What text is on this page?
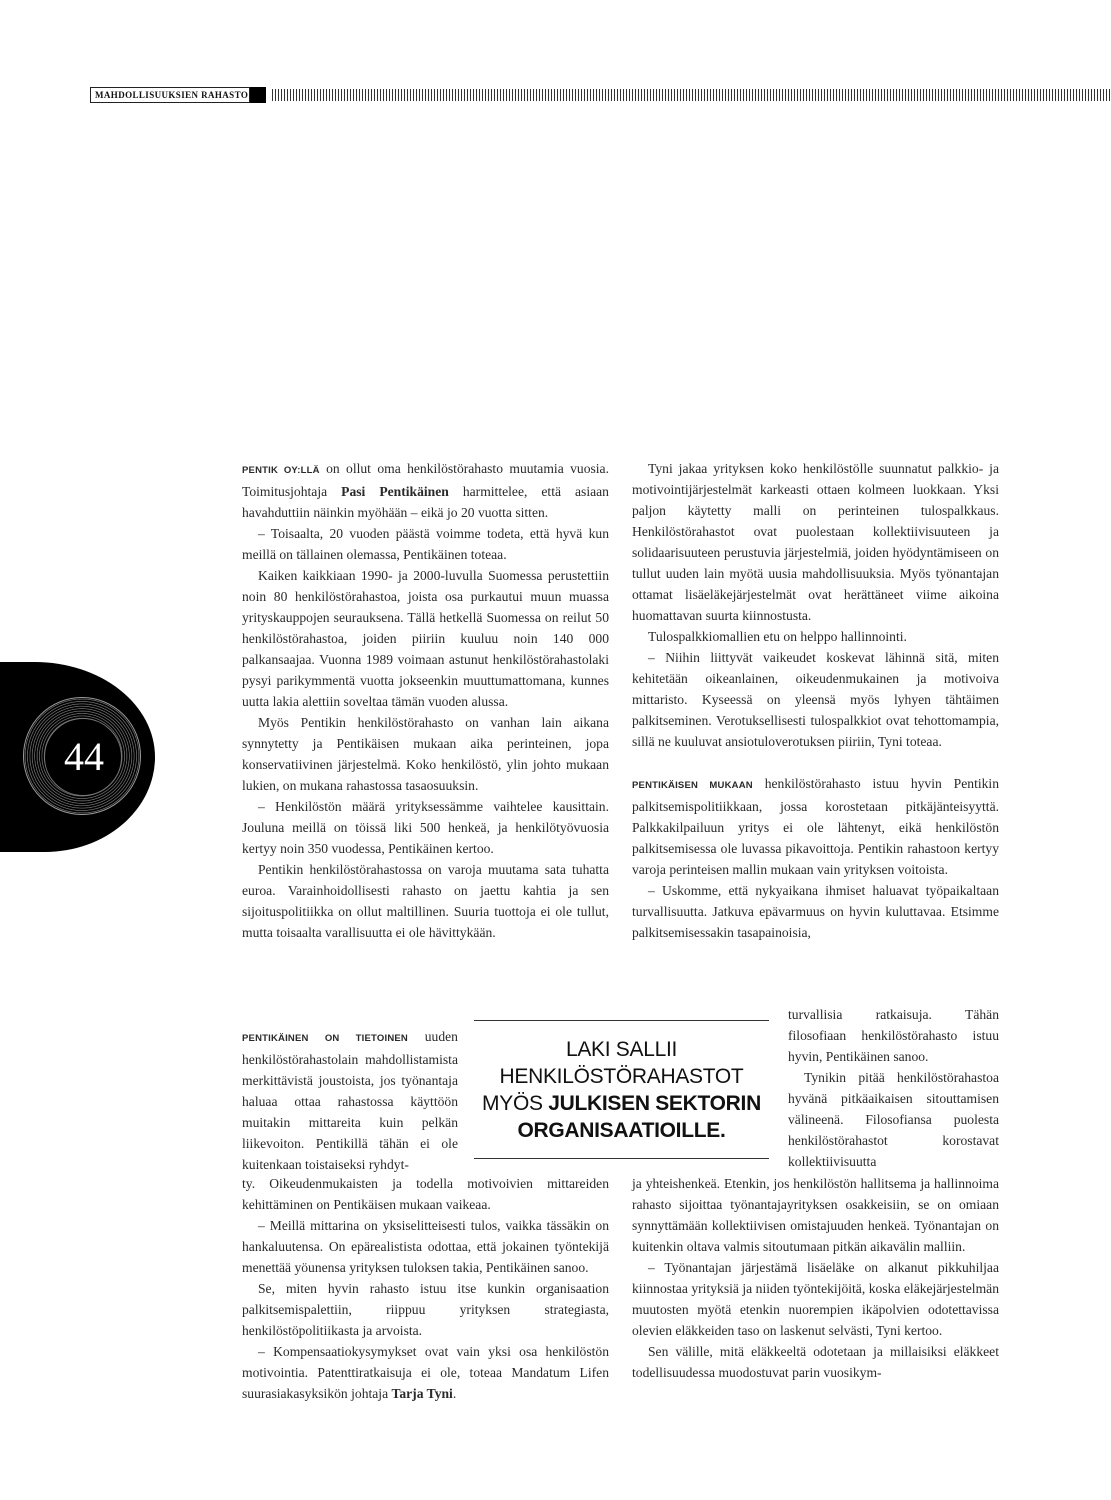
MAHDOLLISUUKSIEN RAHASTO
44

PENTIK OY:LLÄ on ollut oma henkilöstörahasto muutamia vuosia. Toimitusjohtaja Pasi Pentikäinen harmittelee, että asiaan havahduttiin näinkin myöhään – eikä jo 20 vuotta sitten.

– Toisaalta, 20 vuoden päästä voimme todeta, että hyvä kun meillä on tällainen olemassa, Pentikäinen toteaa.

Kaiken kaikkiaan 1990- ja 2000-luvulla Suomessa perustettiin noin 80 henkilöstörahastoa, joista osa purkautui muun muassa yrityskauppojen seurauksena. Tällä hetkellä Suomessa on reilut 50 henkilöstörahastoa, joiden piiriin kuuluu noin 140 000 palkansaajaa. Vuonna 1989 voimaan astunut henkilöstörahastolaki pysyi parikymmentä vuotta jokseenkin muuttumattomana, kunnes uutta lakia alettiin soveltaa tämän vuoden alussa.

Myös Pentikin henkilöstörahasto on vanhan lain aikana synnytetty ja Pentikäisen mukaan aika perinteinen, jopa konservatiivinen järjestelmä. Koko henkilöstö, ylin johto mukaan lukien, on mukana rahastossa tasaosuuksin.

– Henkilöstön määrä yrityksessämme vaihtelee kausittain. Jouluna meillä on töissä liki 500 henkeä, ja henkilötyövuosia kertyy noin 350 vuodessa, Pentikäinen kertoo.

Pentikin henkilöstörahastossa on varoja muutama sata tuhatta euroa. Varainhoidollisesti rahasto on jaettu kahtia ja sen sijoituspolitiikka on ollut maltillinen. Suuria tuottoja ei ole tullut, mutta toisaalta varallisuutta ei ole hävittykään.

PENTIKÄINEN ON TIETOINEN uuden henkilöstörahastolain mahdollistamista merkittävistä joustoista, jos työnantaja haluaa ottaa rahastossa käyttöön muitakin mittareita kuin pelkän liikevoiton. Pentikillä tähän ei ole kuitenkaan toistaiseksi ryhdyt-

LAKI SALLII
HENKILÖSTÖRAHASTOT
MYÖS JULKISEN SEKTORIN
ORGANISAATIOILLE.

ty. Oikeudenmukaisten ja todella motivoivien mittareiden kehittäminen on Pentikäisen mukaan vaikeaa.

– Meillä mittarina on yksiselitteisesti tulos, vaikka tässäkin on hankaluutensa. On epärealistista odottaa, että jokainen työntekijä menettää yöunensa yrityksen tuloksen takia, Pentikäinen sanoo.

Se, miten hyvin rahasto istuu itse kunkin organisaation palkitsemispalettiin, riippuu yrityksen strategiasta, henkilöstöpolitiikasta ja arvoista.

– Kompensaatiokysymykset ovat vain yksi osa henkilöstön motivointia. Patenttiratkaisuja ei ole, toteaa Mandatum Lifen suurasiakasyksikön johtaja Tarja Tyni.

Tyni jakaa yrityksen koko henkilöstölle suunnatut palkkio- ja motivointijärjestelmät karkeasti ottaen kolmeen luokkaan. Yksi paljon käytetty malli on perinteinen tulospalkkaus. Henkilöstörahastot ovat puolestaan kollektiivisuuteen ja solidaarisuuteen perustuvia järjestelmiä, joiden hyödyntämiseen on tullut uuden lain myötä uusia mahdollisuuksia. Myös työnantajan ottamat lisäeläkejärjestelmät ovat herättäneet viime aikoina huomattavan suurta kiinnostusta.

Tulospalkkiomallien etu on helppo hallinnointi.

– Niihin liittyvät vaikeudet koskevat lähinnä sitä, miten kehitetään oikeanlainen, oikeudenmukainen ja motivoiva mittaristo. Kyseessä on yleensä myös lyhyen tähtäimen palkitseminen. Verotuksellisesti tulospalkkiot ovat tehottomampia, sillä ne kuuluvat ansiotuloverotuksen piiriin, Tyni toteaa.

PENTIKÄISEN MUKAAN henkilöstörahasto istuu hyvin Pentikin palkitsemispolitiikkaan, jossa korostetaan pitkäjänteisyyttä. Palkkakilpailuun yritys ei ole lähtenyt, eikä henkilöstön palkitsemisessa ole luvassa pikavoittoja. Pentikin rahastoon kertyy varoja perinteisen mallin mukaan vain yrityksen voitoista.

– Uskomme, että nykyaikana ihmiset haluavat työpaikaltaan turvallisuutta. Jatkuva epävarmuus on hyvin kuluttavaa. Etsimme palkitsemisessakin tasapainoisia,

turvallisia ratkaisuja. Tähän filosofiaan henkilöstörahasto istuu hyvin, Pentikäinen sanoo.

Tynikin pitää henkilöstörahastoa hyvänä pitkäaikaisen sitouttamisen välineenä. Filosofiansa puolesta henkilöstörahastot korostavat kollektiivisuutta

ja yhteishenkeä. Etenkin, jos henkilöstön hallitsema ja hallinnoima rahasto sijoittaa työnantajayrityksen osakkeisiin, se on omiaan synnyttämään kollektiivisen omistajuuden henkeä. Työnantajan on kuitenkin oltava valmis sitoutumaan pitkän aikavälin malliin.

– Työnantajan järjestämä lisäeläke on alkanut pikkuhiljaa kiinnostaa yrityksiä ja niiden työntekijöitä, koska eläkejärjestelmän muutosten myötä etenkin nuorempien ikäpolvien odotettavissa olevien eläkkeiden taso on laskenut selvästi, Tyni kertoo.

Sen välille, mitä eläkkeeltä odotetaan ja millaisiksi eläkkeet todellisuudessa muodostuvat parin vuosikym-
